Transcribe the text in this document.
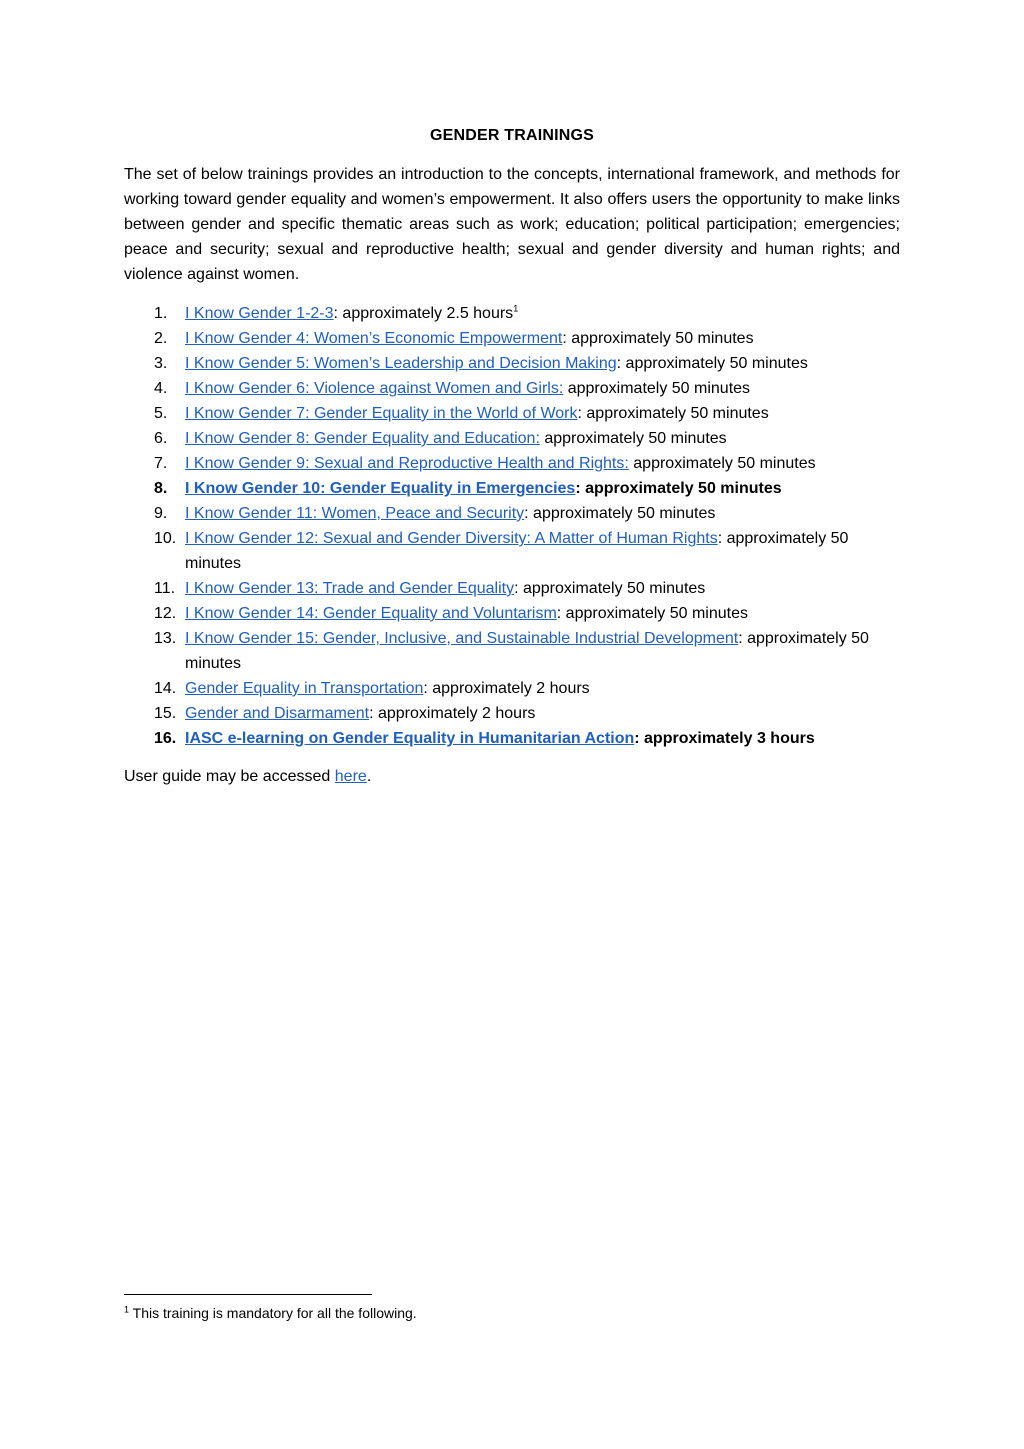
GENDER TRAININGS

The set of below trainings provides an introduction to the concepts, international framework, and methods for working toward gender equality and women’s empowerment. It also offers users the opportunity to make links between gender and specific thematic areas such as work; education; political participation; emergencies; peace and security; sexual and reproductive health; sexual and gender diversity and human rights; and violence against women.

1. I Know Gender 1-2-3: approximately 2.5 hours$^1$
2. I Know Gender 4: Women’s Economic Empowerment: approximately 50 minutes
3. I Know Gender 5: Women’s Leadership and Decision Making: approximately 50 minutes
4. I Know Gender 6: Violence against Women and Girls: approximately 50 minutes
5. I Know Gender 7: Gender Equality in the World of Work: approximately 50 minutes
6. I Know Gender 8: Gender Equality and Education: approximately 50 minutes
7. I Know Gender 9: Sexual and Reproductive Health and Rights: approximately 50 minutes
8. I Know Gender 10: Gender Equality in Emergencies: approximately 50 minutes
9. I Know Gender 11: Women, Peace and Security: approximately 50 minutes
10. I Know Gender 12: Sexual and Gender Diversity: A Matter of Human Rights: approximately 50 minutes
11. I Know Gender 13: Trade and Gender Equality: approximately 50 minutes
12. I Know Gender 14: Gender Equality and Voluntarism: approximately 50 minutes
13. I Know Gender 15: Gender, Inclusive, and Sustainable Industrial Development: approximately 50 minutes
14. Gender Equality in Transportation: approximately 2 hours
15. Gender and Disarmament: approximately 2 hours
16. IASC e-learning on Gender Equality in Humanitarian Action: approximately 3 hours

User guide may be accessed here.

$^1$ This training is mandatory for all the following.
